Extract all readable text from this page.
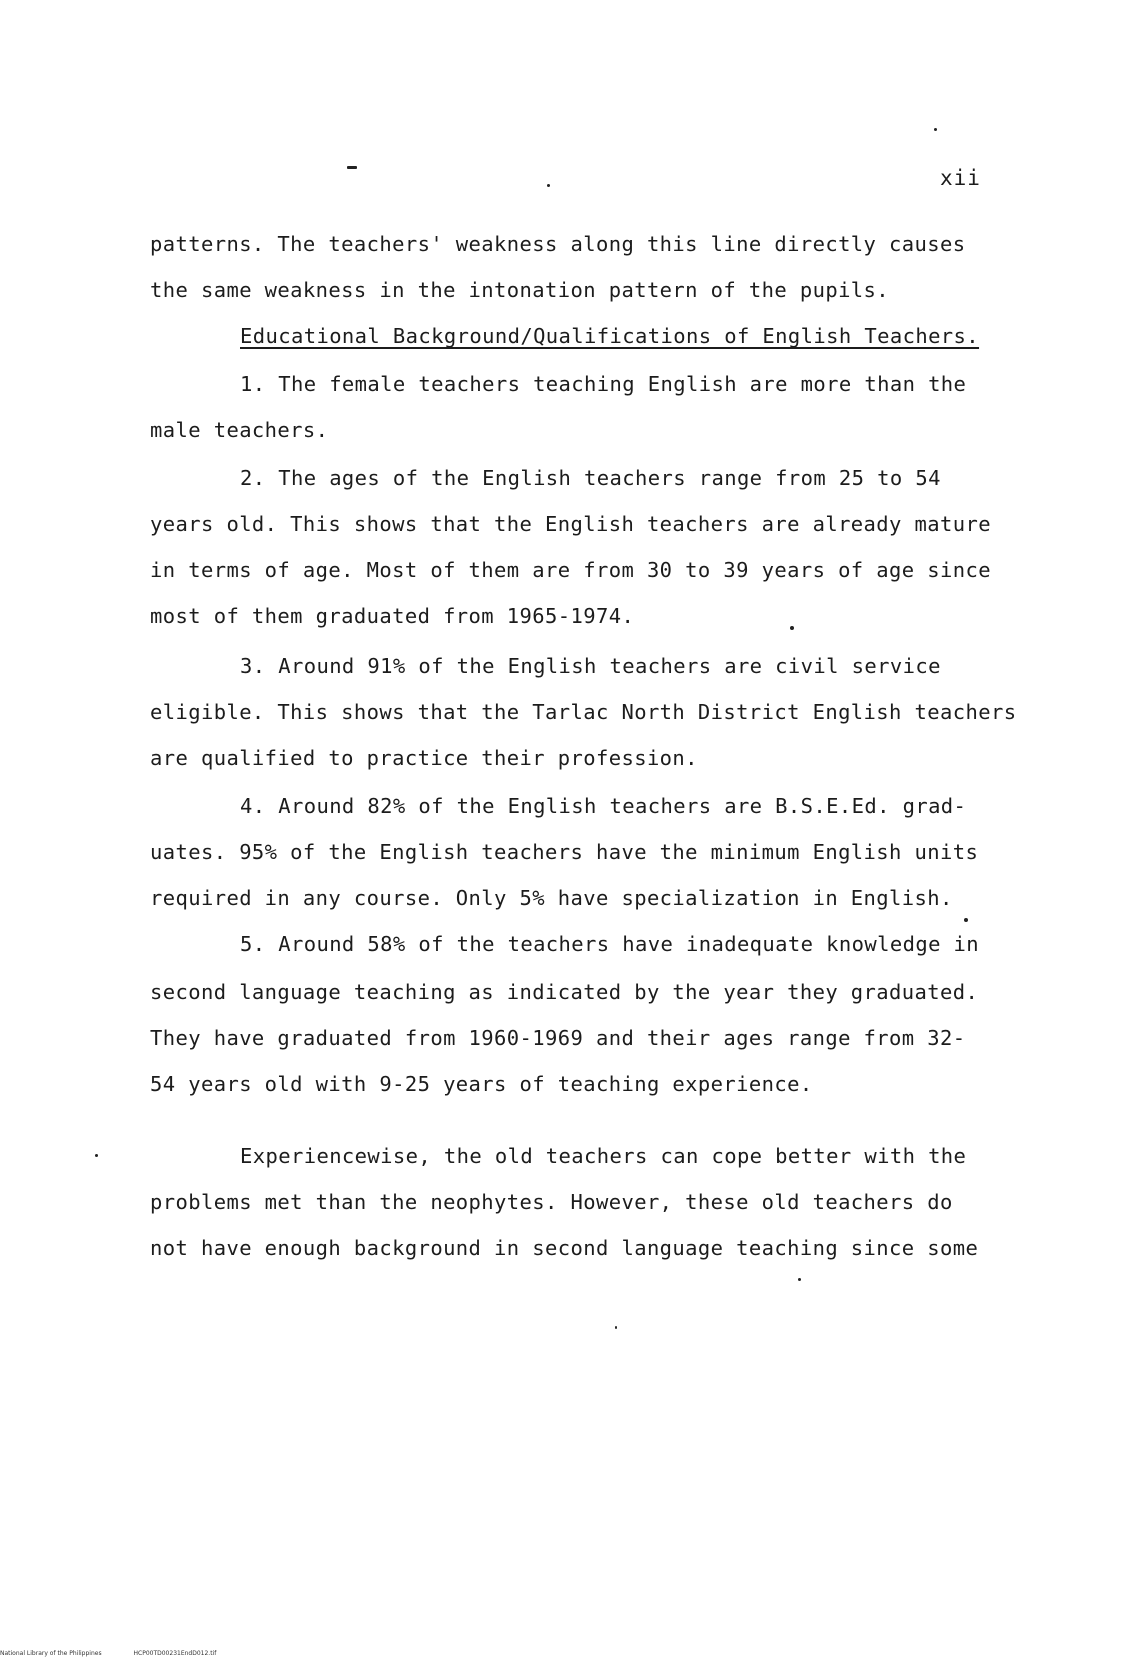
xii
patterns. The teachers' weakness along this line directly causes
the same weakness in the intonation pattern of the pupils.
Educational Background/Qualifications of English Teachers.
1. The female teachers teaching English are more than the
male teachers.
2. The ages of the English teachers range from 25 to 54
years old. This shows that the English teachers are already mature
in terms of age. Most of them are from 30 to 39 years of age since
most of them graduated from 1965-1974.
3. Around 91% of the English teachers are civil service
eligible. This shows that the Tarlac North District English teachers
are qualified to practice their profession.
4. Around 82% of the English teachers are B.S.E.Ed. grad-
uates. 95% of the English teachers have the minimum English units
required in any course. Only 5% have specialization in English.
5. Around 58% of the teachers have inadequate knowledge in
second language teaching as indicated by the year they graduated.
They have graduated from 1960-1969 and their ages range from 32-
54 years old with 9-25 years of teaching experience.
Experiencewise, the old teachers can cope better with the
problems met than the neophytes. However, these old teachers do
not have enough background in second language teaching since some
National Library of the Philippines	HCP00TD00231EndD012.tif
